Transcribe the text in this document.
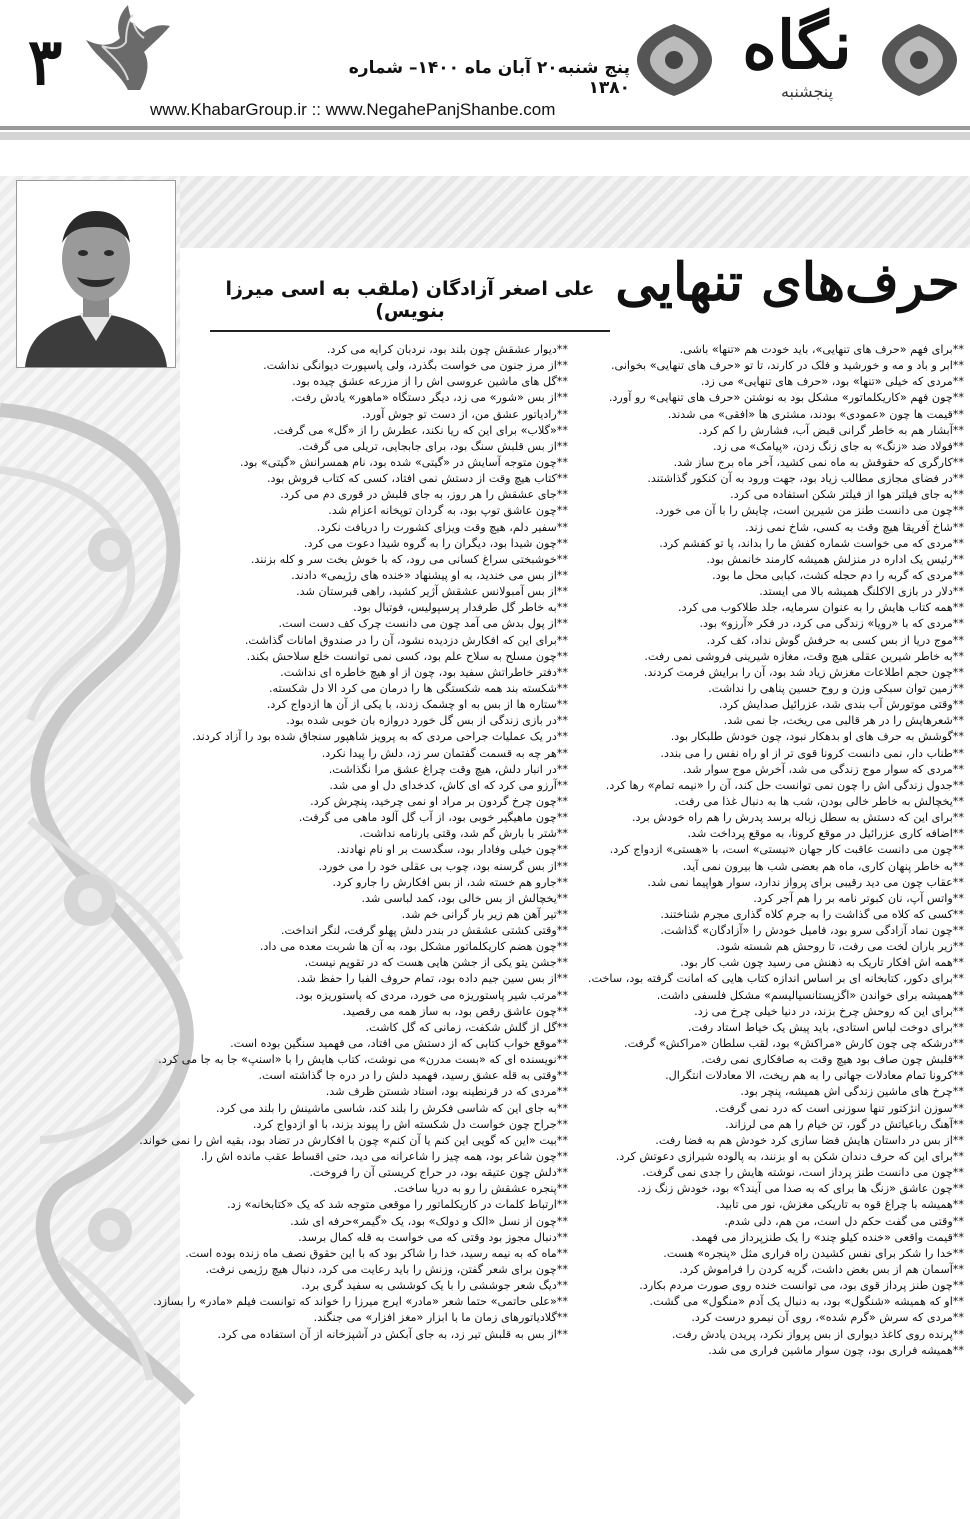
۳	پنج شنبه۲۰ آبان ماه ۱۴۰۰– شماره ۱۳۸۰
نگاه
پنجشنبه
www.KhabarGroup.ir :: www.NegahePanjShanbe.com
حرف‌های تنهایی
علی اصغر آزادگان (ملقب به اسی میرزا بنویس)
**برای فهم «حرف های تنهایی»، باید خودت هم «تنها» باشی.
**ابر و باد و مه و خورشید و فلک در کارند، تا تو «حرف های تنهایی» بخوانی.
**مردی که خیلی «تنها» بود، «حرف های تنهایی» می زد.
**چون فهم «کاریکلماتور» مشکل بود به نوشتن «حرف های تنهایی» رو آورد.
**قیمت ها چون «عمودی» بودند، مشتری ها «افقی» می شدند.
**آبشار هم به خاطر گرانی قبض آب، فشارش را کم کرد.
**فولاد ضد «زنگ» به جای زنگ زدن، «پیامک» می زد.
**کارگری که حقوقش به ماه نمی کشید، آخر ماه برج ساز شد.
**در فضای مجازی مطالب زیاد بود، جهت ورود به آن کنکور گذاشتند.
**به جای فیلتر هوا از فیلتر شکن استفاده می کرد.
**چون می دانست طنز من شیرین است، چایش را با آن می خورد.
**شاخ آفریقا هیچ وقت به کسی، شاخ نمی زند.
**مردی که می خواست شماره کفش ما را بداند، پا تو کفشم کرد.
**رئیس یک اداره در منزلش همیشه کارمند خانمش بود.
**مردی که گربه را دم حجله کشت، کبابی محل ما بود.
**دلار در بازی الاکلنگ همیشه بالا می ایستد.
**همه کتاب هایش را به عنوان سرمایه، جلد طلاکوب می کرد.
**مردی که با «رویا» زندگی می کرد، در فکر «آرزو» بود.
**موج دریا از بس کسی به حرفش گوش نداد، کف کرد.
**به خاطر شیرین عقلی هیچ وقت، مغازه شیرینی فروشی نمی رفت.
**چون حجم اطلاعات مغزش زیاد شد بود، آن را برایش فرمت کردند.
**زمین توان سبکی وزن و روح حسین پناهی را نداشت.
**وقتی موتورش آب بندی شد، عزرائیل صدایش کرد.
**شعرهایش را در هر قالبی می ریخت، جا نمی شد.
**گوشش به حرف های او بدهکار نبود، چون خودش طلبکار بود.
**طناب دار، نمی دانست کرونا قوی تر از او راه نفس را می بندد.
**مردی که سوار موج زندگی می شد، آخرش موج سوار شد.
**جدول زندگی اش را چون نمی توانست حل کند، آن را «نیمه تمام» رها کرد.
**یخچالش به خاطر خالی بودن، شب ها به دنبال غذا می رفت.
**برای این که دستش به سطل زباله برسد پدرش را هم راه خودش برد.
**اضافه کاری عزرائیل در موقع کرونا، به موقع پرداخت شد.
**چون می دانست عاقبت کار جهان «نیستی» است، با «هستی» ازدواج کرد.
**به خاطر پنهان کاری، ماه هم بعضی شب ها بیرون نمی آید.
**عقاب چون می دید رقیبی برای پرواز ندارد، سوار هواپیما نمی شد.
**واتس آپ، نان کبوتر نامه بر را هم آجر کرد.
**کسی که کلاه می گذاشت را به جرم کلاه گذاری مجرم شناختند.
**چون نماد آزادگی سرو بود، فامیل خودش را «آزادگان» گذاشت.
**زیر باران لخت می رفت، تا روحش هم شسته شود.
**همه اش افکار تاریک به ذهنش می رسید چون شب کار بود.
**برای دکور، کتابخانه ای بر اساس اندازه کتاب هایی که امانت گرفته بود، ساخت.
**همیشه برای خواندن «اگزیستانسیالیسم» مشکل فلسفی داشت.
**برای این که روحش چرخ بزند، در دنیا خیلی چرخ می زد.
**برای دوخت لباس استادی، باید پیش یک خیاط استاد رفت.
**درشکه چی چون کارش «مراکش» بود، لقب سلطان «مراکش» گرفت.
**قلبش چون صاف بود هیچ وقت به صافکاری نمی رفت.
**کرونا تمام معادلات جهانی را به هم ریخت، الا معادلات انتگرال.
**چرخ های ماشین زندگی اش همیشه، پنچر بود.
**سوزن انژکتور تنها سوزنی است که درد نمی گرفت.
**آهنگ رباعیاتش در گور، تن خیام را هم می لرزاند.
**از بس در داستان هایش فضا سازی کرد خودش هم به فضا رفت.
**برای این که حرف دندان شکن به او بزنند، به پالوده شیرازی دعوتش کرد.
**چون می دانست طنز پرداز است، نوشته هایش را جدی نمی گرفت.
**چون عاشق «زنگ ها برای که به صدا می آیند؟» بود، خودش زنگ زد.
**همیشه با چراغ قوه به تاریکی مغزش، نور می تابید.
**وقتی می گفت حکم دل است، من هم، دلی شدم.
**قیمت واقعی «خنده کیلو چند» را یک طنزپرداز می فهمد.
**خدا را شکر برای نفس کشیدن راه فراری مثل «پنجره» هست.
**آسمان هم از بس بغض داشت، گریه کردن را فراموش کرد.
**چون طنز پرداز قوی بود، می توانست خنده روی صورت مردم بکارد.
**او که همیشه «شنگول» بود، به دنبال یک آدم «منگول» می گشت.
**مردی که سرش «گرم شده»، روی آن نیمرو درست کرد.
**پرنده روی کاغذ دیواری از بس پرواز نکرد، پریدن یادش رفت.
**همیشه فراری بود، چون سوار ماشین فراری می شد.
**دیوار عشقش چون بلند بود، نردبان کرایه می کرد.
**از مرز جنون می خواست بگذرد، ولی پاسپورت دیوانگی نداشت.
**گل های ماشین عروسی اش را از مزرعه عشق چیده بود.
**از بس «شور» می زد، دیگر دستگاه «ماهور» یادش رفت.
**رادیاتور عشق من، از دست تو جوش آورد.
**«گلاب» برای این که ریا نکند، عطرش را از «گل» می گرفت.
**از بس قلبش سنگ بود، برای جابجایی، تریلی می گرفت.
**چون متوجه آسایش در «گیتی» شده بود، نام همسرانش «گیتی» بود.
**کتاب هیچ وقت از دستش نمی افتاد، کسی که کتاب فروش بود.
**جای عشقش را هر روز، به جای قلبش در قوری دم می کرد.
**چون عاشق توپ بود، به گردان توپخانه اعزام شد.
**سفیر دلم، هیچ وقت ویزای کشورت را دریافت نکرد.
**چون شیدا بود، دیگران را به گروه شیدا دعوت می کرد.
**خوشبختی سراغ کسانی می رود، که با خوش بخت سر و کله بزنند.
**از بس می خندید، به او پیشنهاد «خنده های رژیمی» دادند.
**از بس آمبولانس عشقش آژیر کشید، راهی قبرستان شد.
**به خاطر گل طرفدار پرسپولیس، فوتبال بود.
**از پول بدش می آمد چون می دانست چرک کف دست است.
**برای این که افکارش دزدیده نشود، آن را در صندوق امانات گذاشت.
**چون مسلح به سلاح علم بود، کسی نمی توانست خلع سلاحش بکند.
**دفتر خاطراتش سفید بود، چون از او هیچ خاطره ای نداشت.
**شکسته بند همه شکستگی ها را درمان می کرد الا دل شکسته.
**ستاره ها از بس به او چشمک زدند، با یکی از آن ها ازدواج کرد.
**در بازی زندگی از بس گل خورد دروازه بان خوبی شده بود.
**در یک عملیات جراحی مردی که به پرویز شاهپور سنجاق شده بود را آزاد کردند.
**هر چه به قسمت گفتمان سر زد، دلش را پیدا نکرد.
**در انبار دلش، هیچ وقت چراغ عشق مرا نگذاشت.
**آرزو می کرد که ای کاش، کدخدای دل او می شد.
**چون چرخ گردون بر مراد او نمی چرخید، پنچرش کرد.
**چون ماهیگیر خوبی بود، از آب گل آلود ماهی می گرفت.
**شتر با بارش گم شد، وقتی بارنامه نداشت.
**چون خیلی وفادار بود، سگدست بر او نام نهادند.
**از بس گرسنه بود، چوب بی عقلی خود را می خورد.
**جارو هم خسته شد، از بس افکارش را جارو کرد.
**یخچالش از بس خالی بود، کمد لباسی شد.
**تیر آهن هم زیر بار گرانی خم شد.
**وقتی کشتی عشقش در بندر دلش پهلو گرفت، لنگر انداخت.
**چون هضم کاریکلماتور مشکل بود، به آن ها شربت معده می داد.
**جشن یتو یکی از جشن هایی هست که در تقویم نیست.
**از بس سین جیم داده بود، تمام حروف الفبا را حفظ شد.
**مرتب شیر پاستوریزه می خورد، مردی که پاستوریزه بود.
**چون عاشق رقص بود، به ساز همه می رقصید.
**گل از گلش شکفت، زمانی که گل کاشت.
**موقع خواب کتابی که از دستش می افتاد، می فهمید سنگین بوده است.
**نویسنده ای که «بست مدرن» می نوشت، کتاب هایش را با «اسنپ» جا به جا می کرد.
**وقتی به قله عشق رسید، فهمید دلش را در دره جا گذاشته است.
**مردی که در قرنطینه بود، استاد شستن ظرف شد.
**به جای این که شاسی فکرش را بلند کند، شاسی ماشینش را بلند می کرد.
**جراح چون خواست دل شکسته اش را پیوند بزند، با او ازدواج کرد.
**بیت «این که گویی این کنم یا آن کنم» چون با افکارش در تضاد بود، بقیه اش را نمی خواند.
**چون شاعر بود، همه چیز را شاعرانه می دید، حتی اقساط عقب مانده اش را.
**دلش چون عتیقه بود، در حراج کریستی آن را فروخت.
**پنجره عشقش را رو به دریا ساخت.
**ارتباط کلمات در کاریکلماتور را موقعی متوجه شد که یک «کتابخانه» زد.
**چون از نسل «الک و دولک» بود، یک «گیمر»حرفه ای شد.
**دنبال مجوز بود وقتی که می خواست به قله کمال برسد.
**ماه که به نیمه رسید، خدا را شاکر بود که با این حقوق نصف ماه زنده بوده است.
**چون برای شعر گفتن، وزنش را باید رعایت می کرد، دنبال هیچ رژیمی نرفت.
**دیگ شعر جوششی را با یک کوششی به سفید گری برد.
**«علی حاتمی» حتما شعر «مادر» ایرج میرزا را خواند که توانست فیلم «مادر» را بسازد.
**گلادیاتورهای زمان ما با ابزار «مغز افزار» می جنگند.
**از بس به قلبش تیر زد، به جای آبکش در آشپزخانه از آن استفاده می کرد.
